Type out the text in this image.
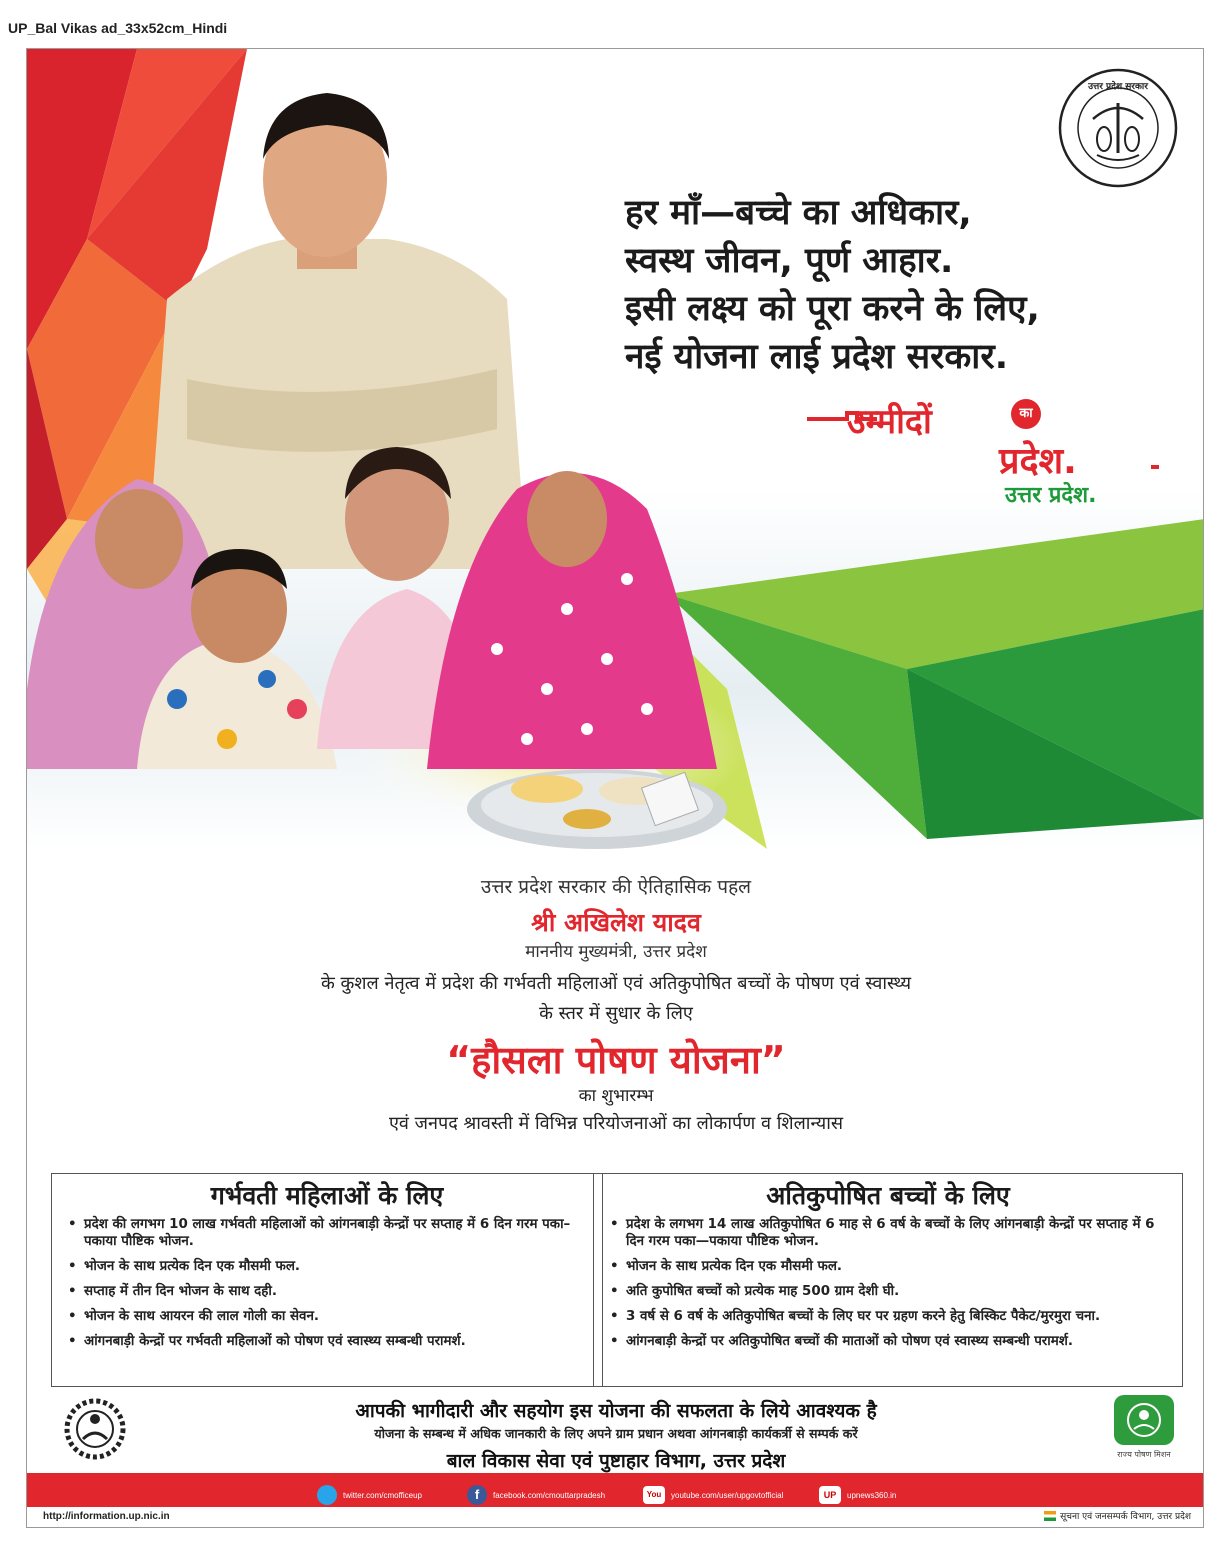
UP_Bal Vikas ad_33x52cm_Hindi
उत्तर प्रदेश सरकार
हर माँ—बच्चे का अधिकार,
स्वस्थ जीवन, पूर्ण आहार.
इसी लक्ष्य को पूरा करने के लिए,
नई योजना लाई प्रदेश सरकार.
उम्मीदों	का
प्रदेश.
उत्तर प्रदेश.
उत्तर प्रदेश सरकार की ऐतिहासिक पहल
श्री अखिलेश यादव
माननीय मुख्यमंत्री, उत्तर प्रदेश
के कुशल नेतृत्व में प्रदेश की गर्भवती महिलाओं एवं अतिकुपोषित बच्चों के पोषण एवं स्वास्थ्य
के स्तर में सुधार के लिए
“हौसला पोषण योजना”
का शुभारम्भ
एवं जनपद श्रावस्ती में विभिन्न परियोजनाओं का लोकार्पण व शिलान्यास
गर्भवती महिलाओं के लिए
• प्रदेश की लगभग 10 लाख गर्भवती महिलाओं को आंगनबाड़ी केन्द्रों पर सप्ताह में 6 दिन गरम पका– पकाया पौष्टिक भोजन.
• भोजन के साथ प्रत्येक दिन एक मौसमी फल.
• सप्ताह में तीन दिन भोजन के साथ दही.
• भोजन के साथ आयरन की लाल गोली का सेवन.
• आंगनबाड़ी केन्द्रों पर गर्भवती महिलाओं को पोषण एवं स्वास्थ्य सम्बन्धी परामर्श.
अतिकुपोषित बच्चों के लिए
• प्रदेश के लगभग 14 लाख अतिकुपोषित 6 माह से 6 वर्ष के बच्चों के लिए आंगनबाड़ी केन्द्रों पर सप्ताह में 6 दिन गरम पका—पकाया पौष्टिक भोजन.
• भोजन के साथ प्रत्येक दिन एक मौसमी फल.
• अति कुपोषित बच्चों को प्रत्येक माह 500 ग्राम देशी घी.
• 3 वर्ष से 6 वर्ष के अतिकुपोषित बच्चों के लिए घर पर ग्रहण करने हेतु बिस्किट पैकेट/मुरमुरा चना.
• आंगनबाड़ी केन्द्रों पर अतिकुपोषित बच्चों की माताओं को पोषण एवं स्वास्थ्य सम्बन्धी परामर्श.
राज्य पोषण मिशन
आपकी भागीदारी और सहयोग इस योजना की सफलता के लिये आवश्यक है
योजना के सम्बन्ध में अधिक जानकारी के लिए अपने ग्राम प्रधान अथवा आंगनबाड़ी कार्यकर्त्री से सम्पर्क करें
बाल विकास सेवा एवं पुष्टाहार विभाग, उत्तर प्रदेश
twitter.com/cmofficeup	f	facebook.com/cmouttarpradesh	You	youtube.com/user/upgovtofficial	UP	upnews360.in
http://information.up.nic.in	सूचना एवं जनसम्पर्क विभाग, उत्तर प्रदेश
